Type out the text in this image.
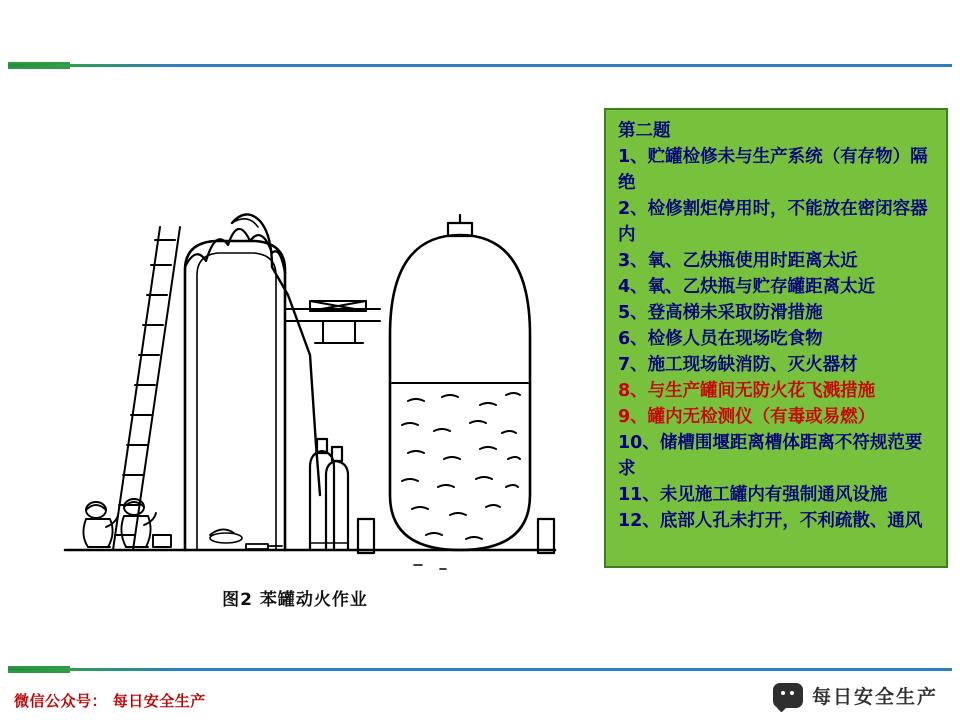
图2 苯罐动火作业
第二题
1、贮罐检修未与生产系统（有存物）隔绝
2、检修割炬停用时，不能放在密闭容器内
3、氧、乙炔瓶使用时距离太近
4、氧、乙炔瓶与贮存罐距离太近
5、登高梯未采取防滑措施
6、检修人员在现场吃食物
7、施工现场缺消防、灭火器材
8、与生产罐间无防火花飞溅措施
9、罐内无检测仪（有毒或易燃）
10、储槽围堰距离槽体距离不符规范要求
11、未见施工罐内有强制通风设施
12、底部人孔未打开，不利疏散、通风
微信公众号： 每日安全生产	每日安全生产
